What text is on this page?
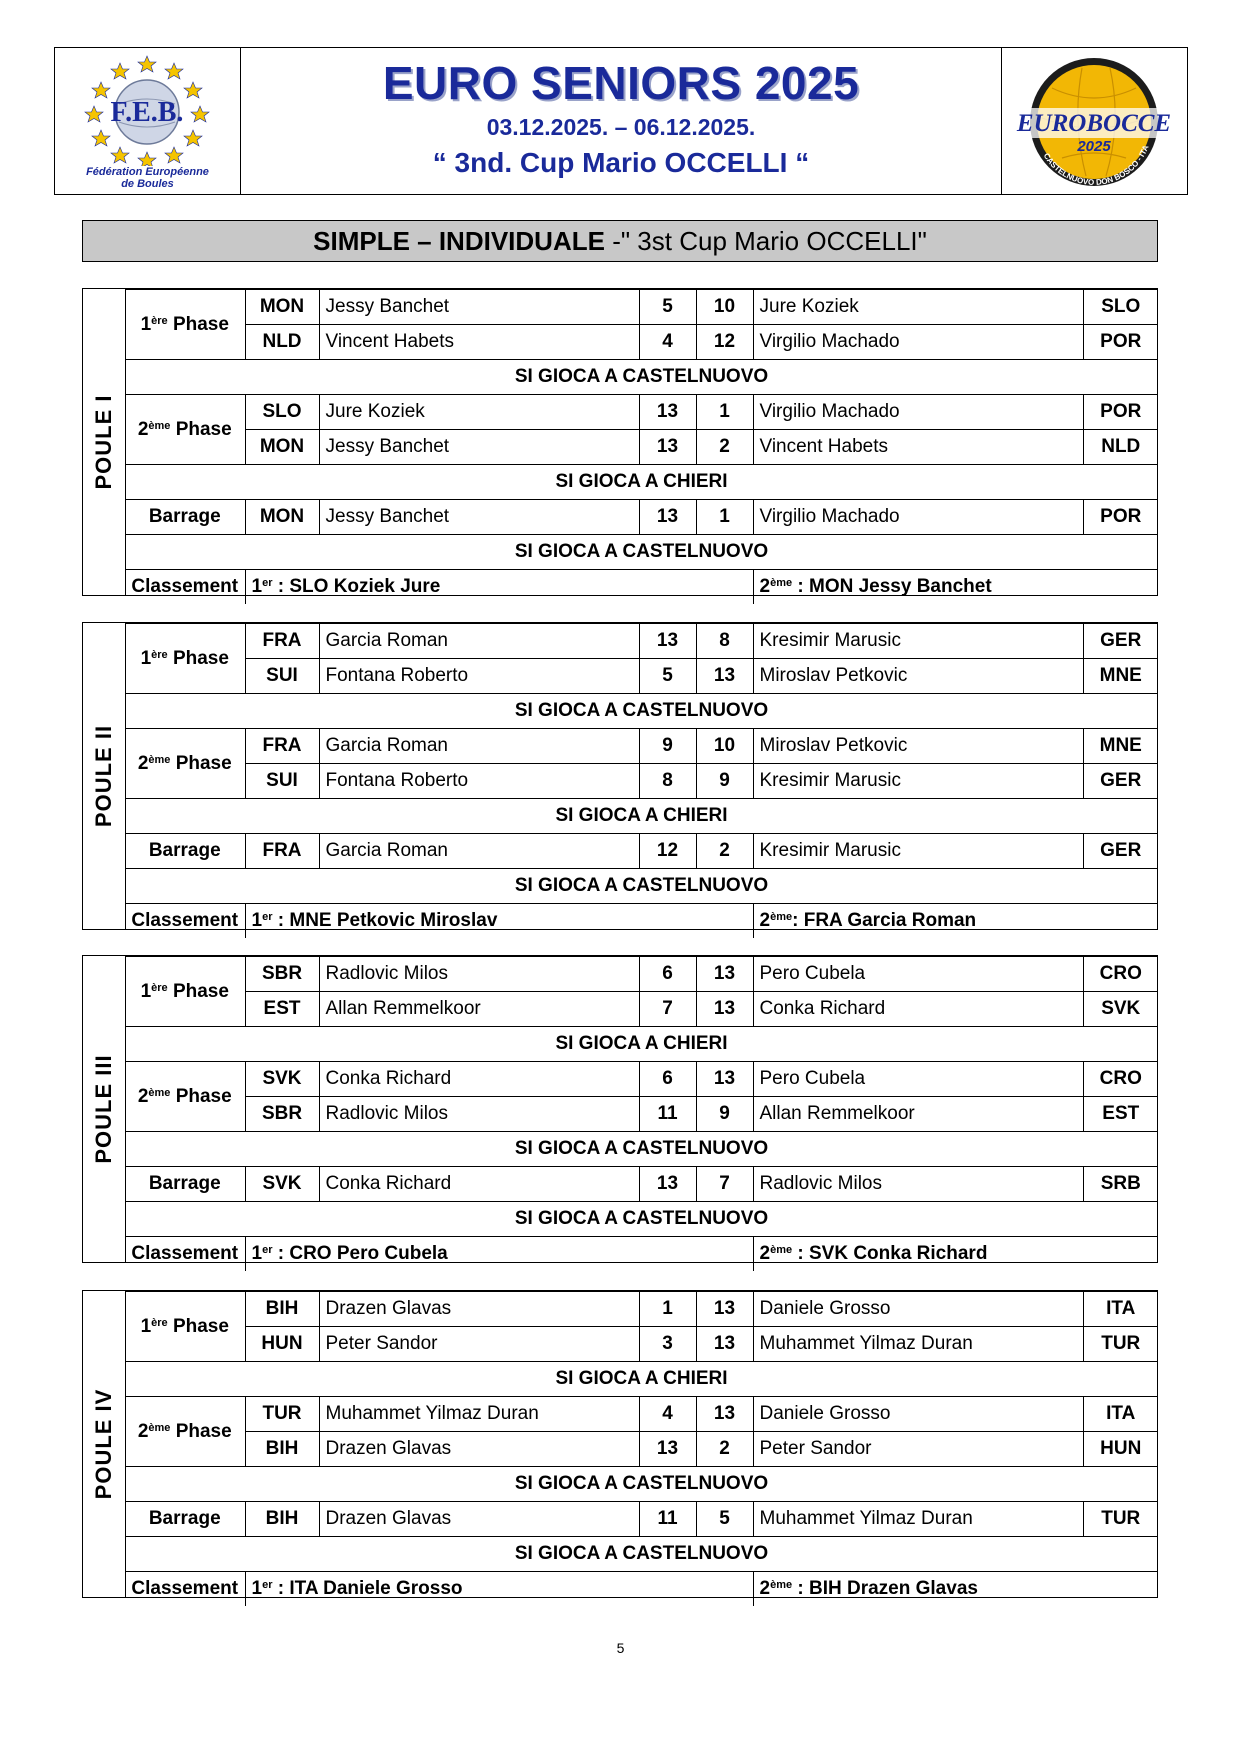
F.E.B.
Fédération Européenne
de Boules
EURO SENIORS 2025
03.12.2025. – 06.12.2025.
“ 3nd. Cup Mario OCCELLI “
EUROBOCCE
2025
CASTELNUOVO DON BOSCO - ITA
SIMPLE – INDIVIDUALE -" 3st Cup Mario OCCELLI"
POULE I
1ère Phase	MON	Jessy Banchet	5	10	Jure Koziek	SLO
	NLD	Vincent Habets	4	12	Virgilio Machado	POR
SI GIOCA A CASTELNUOVO						
2ème Phase	SLO	Jure Koziek	13	1	Virgilio Machado	POR
	MON	Jessy Banchet	13	2	Vincent Habets	NLD
SI GIOCA A CHIERI						
Barrage	MON	Jessy Banchet	13	1	Virgilio Machado	POR
SI GIOCA A CASTELNUOVO						
Classement	1er : SLO Koziek Jure				2ème : MON Jessy Banchet	
POULE II
1ère Phase	FRA	Garcia Roman	13	8	Kresimir Marusic	GER
	SUI	Fontana Roberto	5	13	Miroslav Petkovic	MNE
SI GIOCA A CASTELNUOVO						
2ème Phase	FRA	Garcia Roman	9	10	Miroslav Petkovic	MNE
	SUI	Fontana Roberto	8	9	Kresimir Marusic	GER
SI GIOCA A CHIERI						
Barrage	FRA	Garcia Roman	12	2	Kresimir Marusic	GER
SI GIOCA A CASTELNUOVO						
Classement	1er : MNE Petkovic Miroslav				2ème: FRA Garcia Roman	
POULE III
1ère Phase	SBR	Radlovic Milos	6	13	Pero Cubela	CRO
	EST	Allan Remmelkoor	7	13	Conka Richard	SVK
SI GIOCA A CHIERI						
2ème Phase	SVK	Conka Richard	6	13	Pero Cubela	CRO
	SBR	Radlovic Milos	11	9	Allan Remmelkoor	EST
SI GIOCA A CASTELNUOVO						
Barrage	SVK	Conka Richard	13	7	Radlovic Milos	SRB
SI GIOCA A CASTELNUOVO						
Classement	1er : CRO Pero Cubela				2ème : SVK Conka Richard	
POULE IV
1ère Phase	BIH	Drazen Glavas	1	13	Daniele Grosso	ITA
	HUN	Peter Sandor	3	13	Muhammet Yilmaz Duran	TUR
SI GIOCA A CHIERI						
2ème Phase	TUR	Muhammet Yilmaz Duran	4	13	Daniele Grosso	ITA
	BIH	Drazen Glavas	13	2	Peter Sandor	HUN
SI GIOCA A CASTELNUOVO						
Barrage	BIH	Drazen Glavas	11	5	Muhammet Yilmaz Duran	TUR
SI GIOCA A CASTELNUOVO						
Classement	1er : ITA Daniele Grosso				2ème : BIH Drazen Glavas	
5
